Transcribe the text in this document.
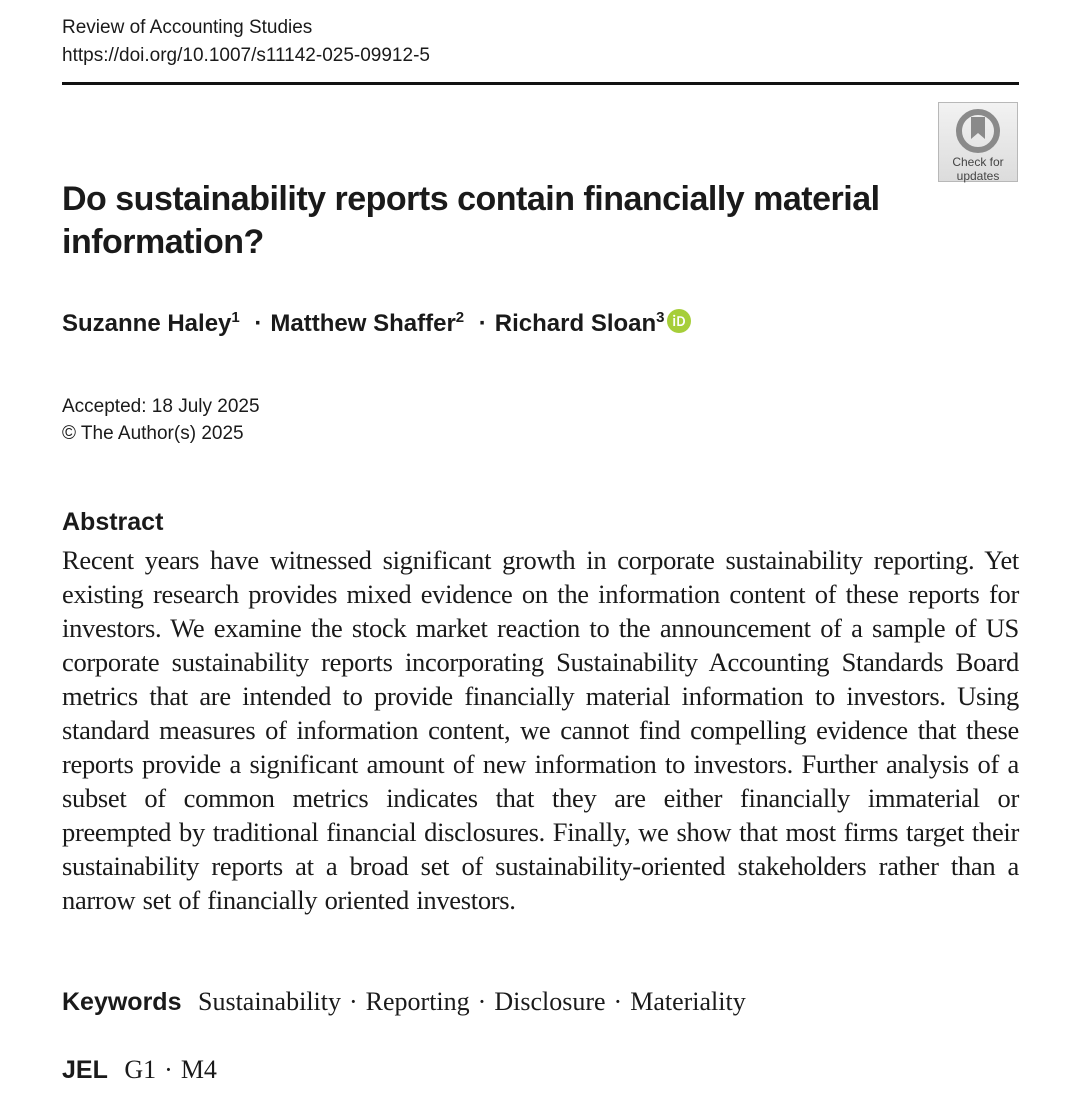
Review of Accounting Studies
https://doi.org/10.1007/s11142-025-09912-5
Check for
updates
Do sustainability reports contain financially material information?
Suzanne Haley$^1$ · Matthew Shaffer$^2$ · Richard Sloan$^3$
Accepted: 18 July 2025
© The Author(s) 2025
Abstract

Recent years have witnessed significant growth in corporate sustainability reporting. Yet existing research provides mixed evidence on the information content of these reports for investors. We examine the stock market reaction to the announcement of a sample of US corporate sustainability reports incorporating Sustainability Accounting Standards Board metrics that are intended to provide financially material information to investors. Using standard measures of information content, we cannot find compelling evidence that these reports provide a significant amount of new information to investors. Further analysis of a subset of common metrics indicates that they are either financially immaterial or preempted by traditional financial disclosures. Finally, we show that most firms target their sustainability reports at a broad set of sustainability-oriented stakeholders rather than a narrow set of financially oriented investors.

Keywords Sustainability · Reporting · Disclosure · Materiality
JEL G1 · M4
